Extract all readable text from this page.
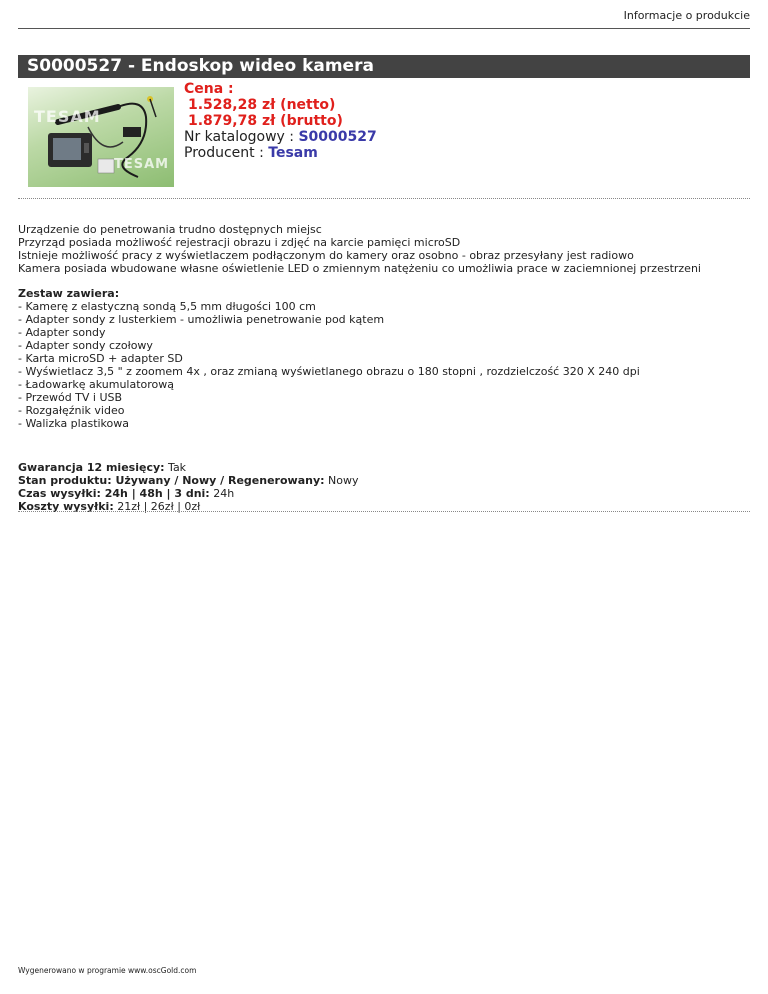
Informacje o produkcie
S0000527 - Endoskop wideo kamera
TESAM
TESAM
Cena :
1.528,28 zł (netto)
1.879,78 zł (brutto)
Nr katalogowy : S0000527
Producent : Tesam
Urządzenie do penetrowania trudno dostępnych miejsc
Przyrząd posiada możliwość rejestracji obrazu i zdjęć na karcie pamięci microSD
Istnieje możliwość pracy z wyświetlaczem podłączonym do kamery oraz osobno - obraz przesyłany jest radiowo
Kamera posiada wbudowane własne oświetlenie LED o zmiennym natężeniu co umożliwia prace w zaciemnionej przestrzeni
Zestaw zawiera:
- Kamerę z elastyczną sondą 5,5 mm długości 100 cm
- Adapter sondy z lusterkiem - umożliwia penetrowanie pod kątem
- Adapter sondy
- Adapter sondy czołowy
- Karta microSD + adapter SD
- Wyświetlacz 3,5 " z zoomem 4x , oraz zmianą wyświetlanego obrazu o 180 stopni , rozdzielczość 320 X 240 dpi
- Ładowarkę akumulatorową
- Przewód TV i USB
- Rozgałęźnik video
- Walizka plastikowa
Gwarancja 12 miesięcy: Tak
Stan produktu: Używany / Nowy / Regenerowany: Nowy
Czas wysyłki: 24h | 48h | 3 dni: 24h
Koszty wysyłki: 21zł | 26zł | 0zł
Wygenerowano w programie www.oscGold.com
